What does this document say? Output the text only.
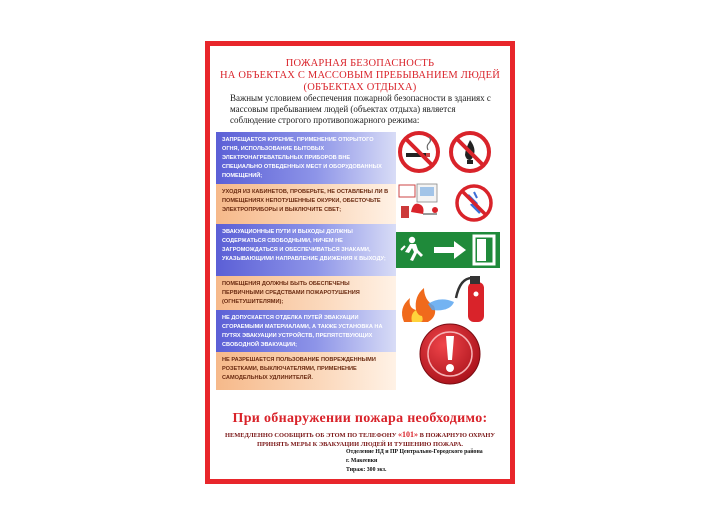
ПОЖАРНАЯ БЕЗОПАСНОСТЬ
НА ОБЪЕКТАХ С МАССОВЫМ ПРЕБЫВАНИЕМ ЛЮДЕЙ
(ОБЪЕКТАХ ОТДЫХА)
Важным условием обеспечения пожарной безопасности в зданиях с массовым пребыванием людей (объектах отдыха) является соблюдение строгого противопожарного режима:
ЗАПРЕЩАЕТСЯ КУРЕНИЕ, ПРИМЕНЕНИЕ ОТКРЫТОГО ОГНЯ, ИСПОЛЬЗОВАНИЕ БЫТОВЫХ ЭЛЕКТРОНАГРЕВАТЕЛЬНЫХ ПРИБОРОВ ВНЕ СПЕЦИАЛЬНО ОТВЕДЕННЫХ МЕСТ И ОБОРУДОВАННЫХ ПОМЕЩЕНИЙ;
УХОДЯ ИЗ КАБИНЕТОВ, ПРОВЕРЬТЕ, НЕ ОСТАВЛЕНЫ ЛИ В ПОМЕЩЕНИЯХ НЕПОТУШЕННЫЕ ОКУРКИ, ОБЕСТОЧЬТЕ ЭЛЕКТРОПРИБОРЫ И ВЫКЛЮЧИТЕ СВЕТ;
ЭВАКУАЦИОННЫЕ ПУТИ И ВЫХОДЫ ДОЛЖНЫ СОДЕРЖАТЬСЯ СВОБОДНЫМИ, НИЧЕМ НЕ ЗАГРОМОЖДАТЬСЯ И ОБЕСПЕЧИВАТЬСЯ ЗНАКАМИ, УКАЗЫВАЮЩИМИ НАПРАВЛЕНИЕ ДВИЖЕНИЯ К ВЫХОДУ;
ПОМЕЩЕНИЯ ДОЛЖНЫ БЫТЬ ОБЕСПЕЧЕНЫ ПЕРВИЧНЫМИ СРЕДСТВАМИ ПОЖАРОТУШЕНИЯ (ОГНЕТУШИТЕЛЯМИ);
НЕ ДОПУСКАЕТСЯ ОТДЕЛКА ПУТЕЙ ЭВАКУАЦИИ СГОРАЕМЫМИ МАТЕРИАЛАМИ, А ТАКЖЕ УСТАНОВКА НА ПУТЯХ ЭВАКУАЦИИ УСТРОЙСТВ, ПРЕПЯТСТВУЮЩИХ СВОБОДНОЙ ЭВАКУАЦИИ;
НЕ РАЗРЕШАЕТСЯ ПОЛЬЗОВАНИЕ ПОВРЕЖДЕННЫМИ РОЗЕТКАМИ, ВЫКЛЮЧАТЕЛЯМИ, ПРИМЕНЕНИЕ САМОДЕЛЬНЫХ УДЛИНИТЕЛЕЙ.
При обнаружении пожара необходимо:
НЕМЕДЛЕННО СООБЩИТЬ ОБ ЭТОМ ПО ТЕЛЕФОНУ «101» В ПОЖАРНУЮ ОХРАНУ
ПРИНЯТЬ МЕРЫ К ЭВАКУАЦИИ ЛЮДЕЙ И ТУШЕНИЮ ПОЖАРА.
Отделение НД и ПР Центрально-Городского района
г. Макеевки
Тираж: 300 экз.
